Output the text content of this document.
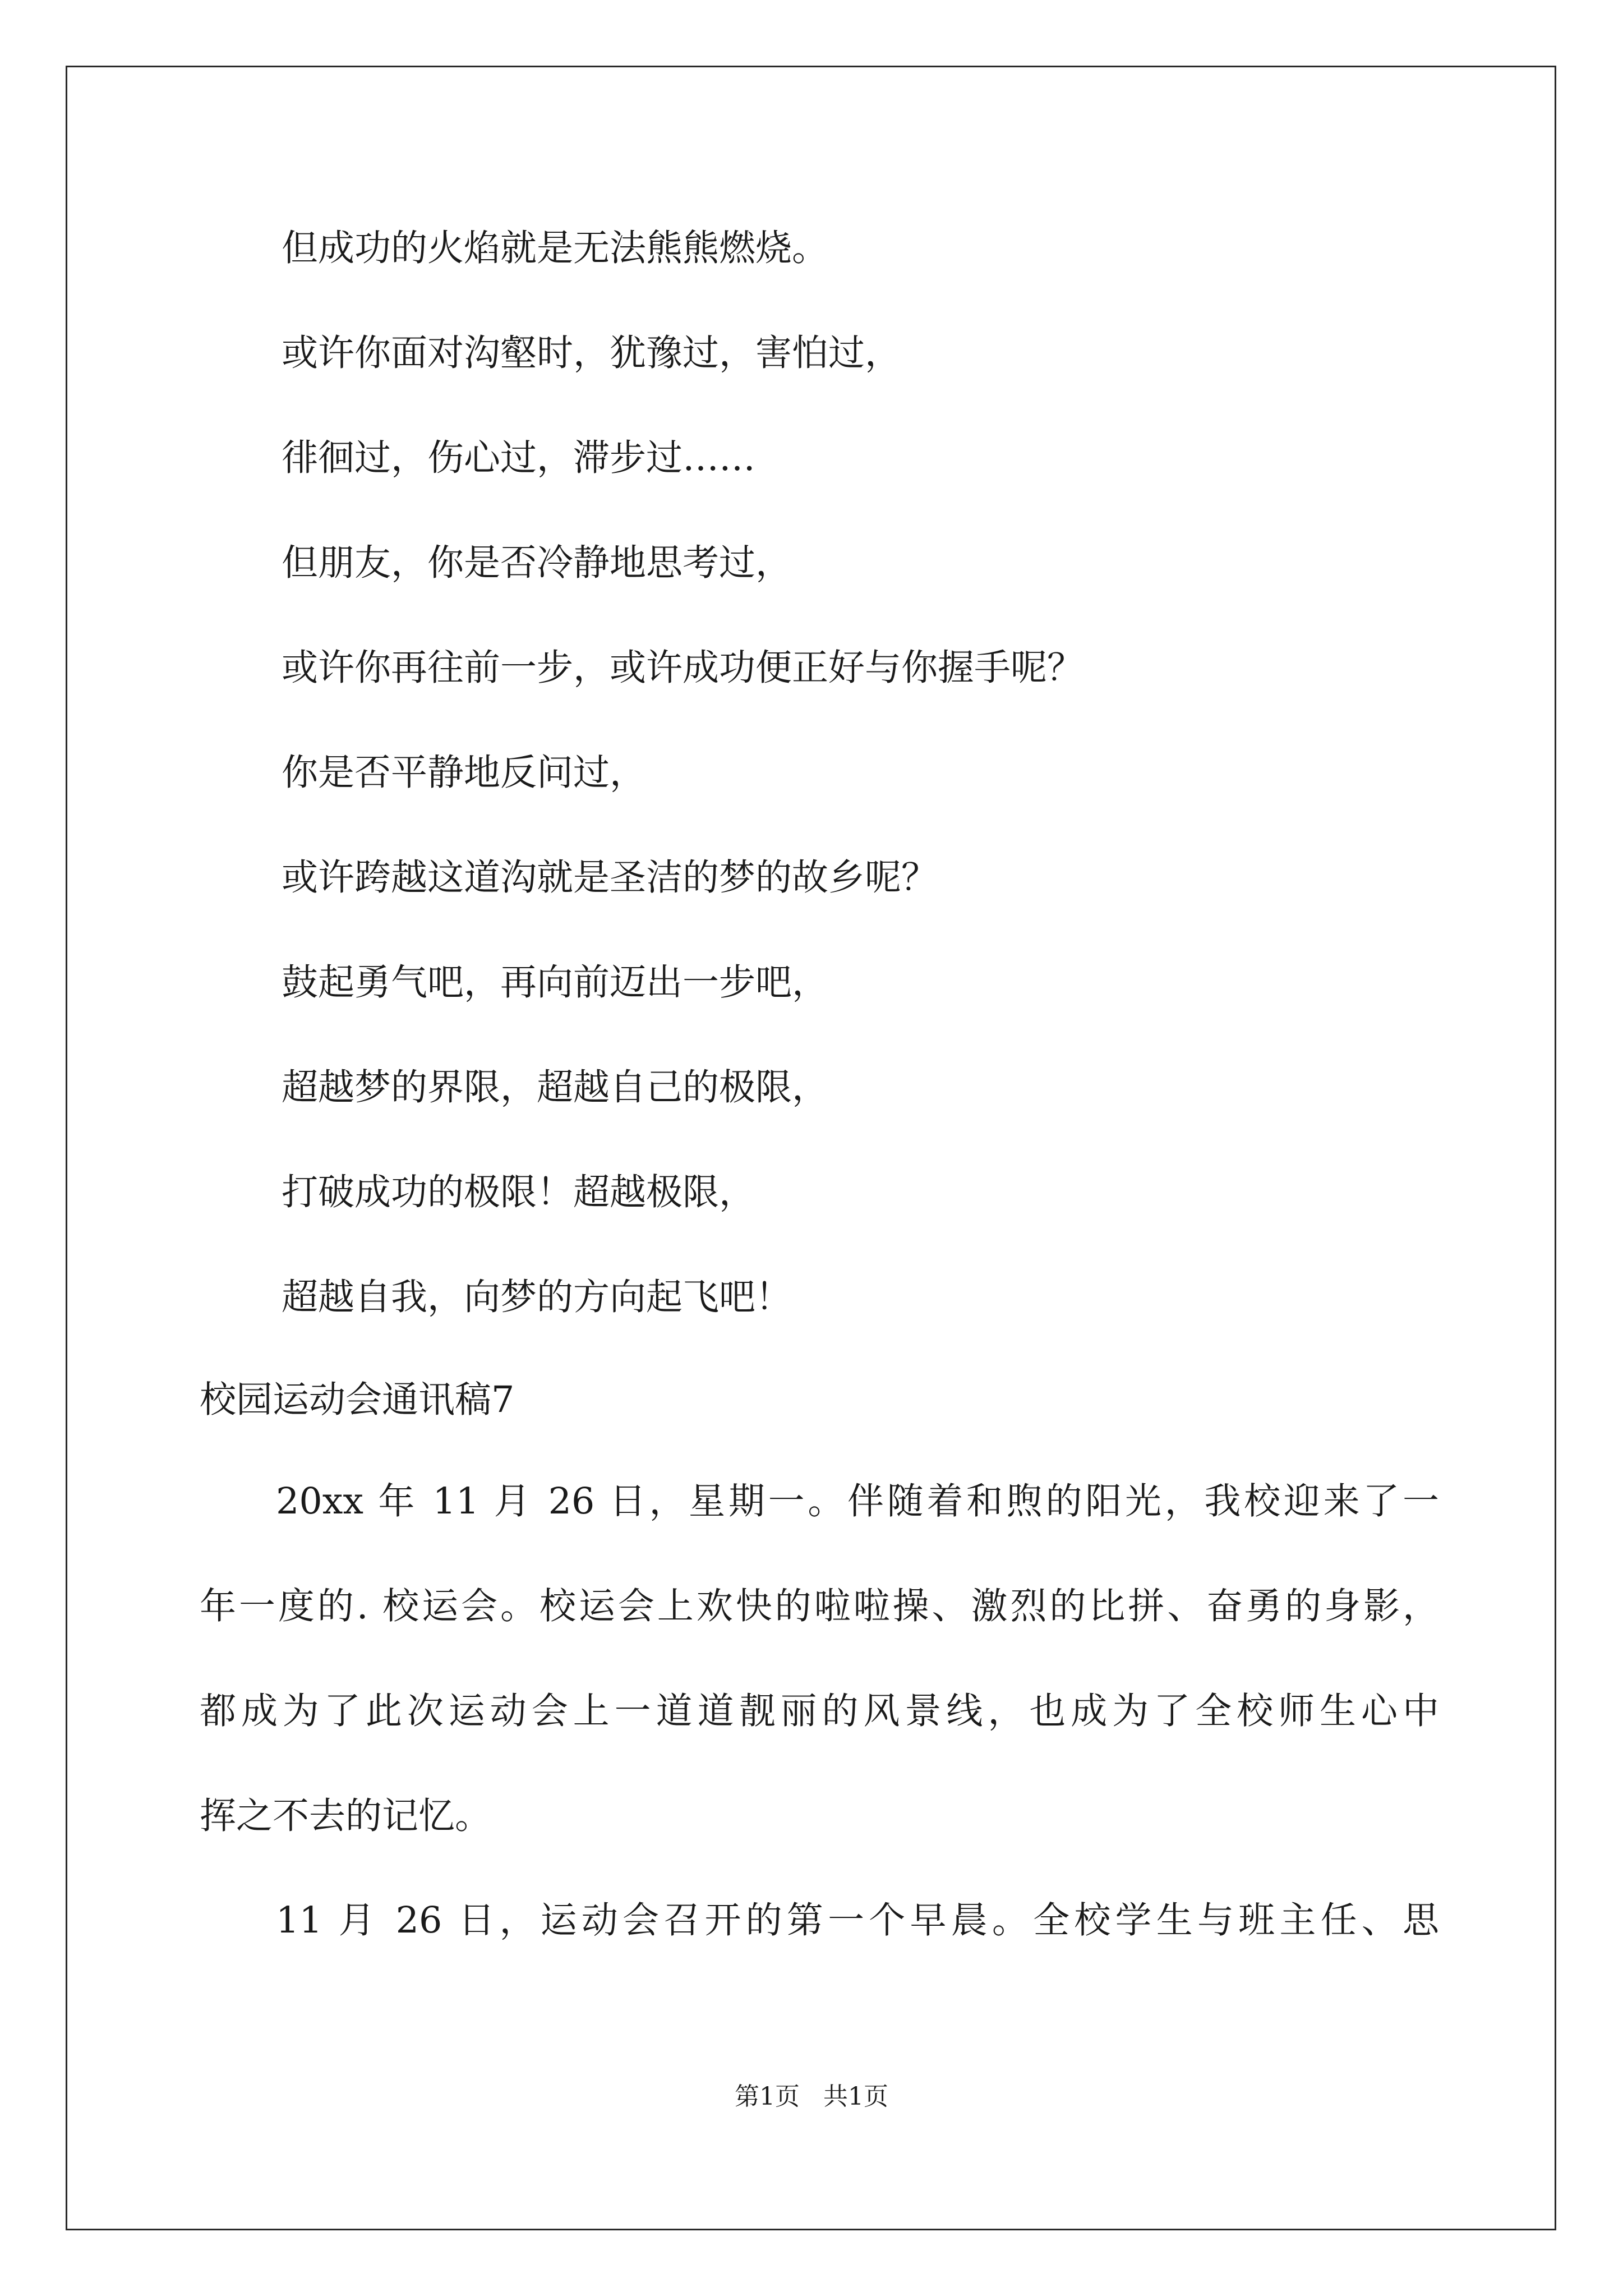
但成功的火焰就是无法熊熊燃烧。
或许你面对沟壑时，犹豫过，害怕过，
徘徊过，伤心过，滞步过……
但朋友，你是否冷静地思考过，
或许你再往前一步，或许成功便正好与你握手呢？
你是否平静地反问过，
或许跨越这道沟就是圣洁的梦的故乡呢？
鼓起勇气吧，再向前迈出一步吧，
超越梦的界限，超越自己的极限，
打破成功的极限！超越极限，
超越自我，向梦的方向起飞吧！
校园运动会通讯稿7
20xx 年 11 月 26 日，星期一。伴随着和煦的阳光，我校迎来了一
年一度的. 校运会。校运会上欢快的啦啦操、激烈的比拼、奋勇的身影，
都成为了此次运动会上一道道靓丽的风景线，也成为了全校师生心中
挥之不去的记忆。
11 月 26 日，运动会召开的第一个早晨。全校学生与班主任、思
第1页   共1页
